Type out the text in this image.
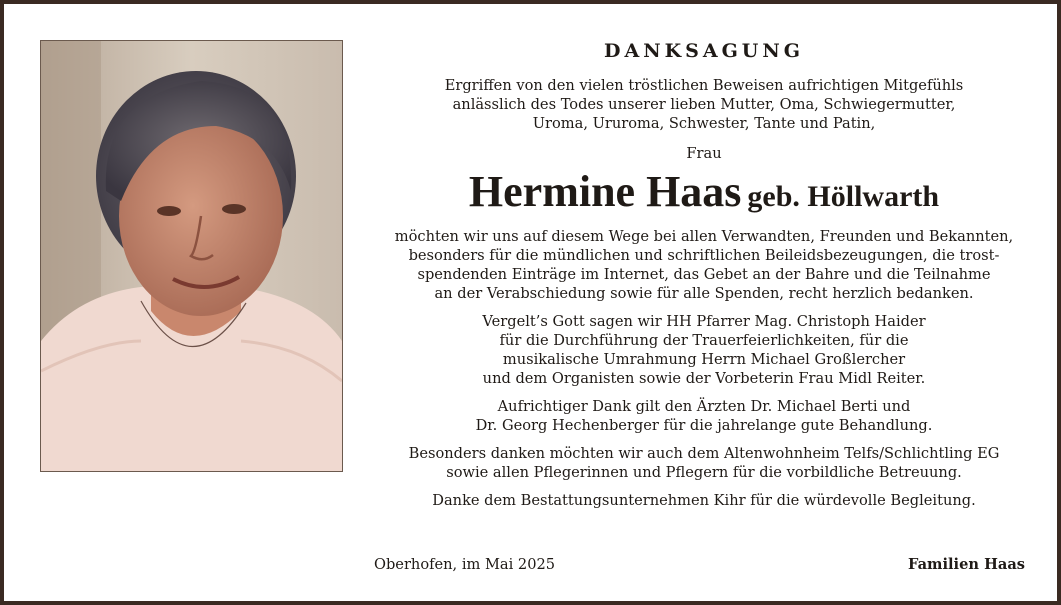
DANKSAGUNG

Ergriffen von den vielen tröstlichen Beweisen aufrichtigen Mitgefühls
anlässlich des Todes unserer lieben Mutter, Oma, Schwiegermutter,
Uroma, Ururoma, Schwester, Tante und Patin,

Frau
Hermine Haas geb. Höllwarth

möchten wir uns auf diesem Wege bei allen Verwandten, Freunden und Bekannten,
besonders für die mündlichen und schriftlichen Beileidsbezeugungen, die trost-
spendenden Einträge im Internet, das Gebet an der Bahre und die Teilnahme
an der Verabschiedung sowie für alle Spenden, recht herzlich bedanken.

Vergelt’s Gott sagen wir HH Pfarrer Mag. Christoph Haider
für die Durchführung der Trauerfeierlichkeiten, für die
musikalische Umrahmung Herrn Michael Großlercher
und dem Organisten sowie der Vorbeterin Frau Midl Reiter.

Aufrichtiger Dank gilt den Ärzten Dr. Michael Berti und
Dr. Georg Hechenberger für die jahrelange gute Behandlung.

Besonders danken möchten wir auch dem Altenwohnheim Telfs/Schlichtling EG
sowie allen Pflegerinnen und Pflegern für die vorbildliche Betreuung.

Danke dem Bestattungsunternehmen Kihr für die würdevolle Begleitung.

Oberhofen, im Mai 2025	Familien Haas
